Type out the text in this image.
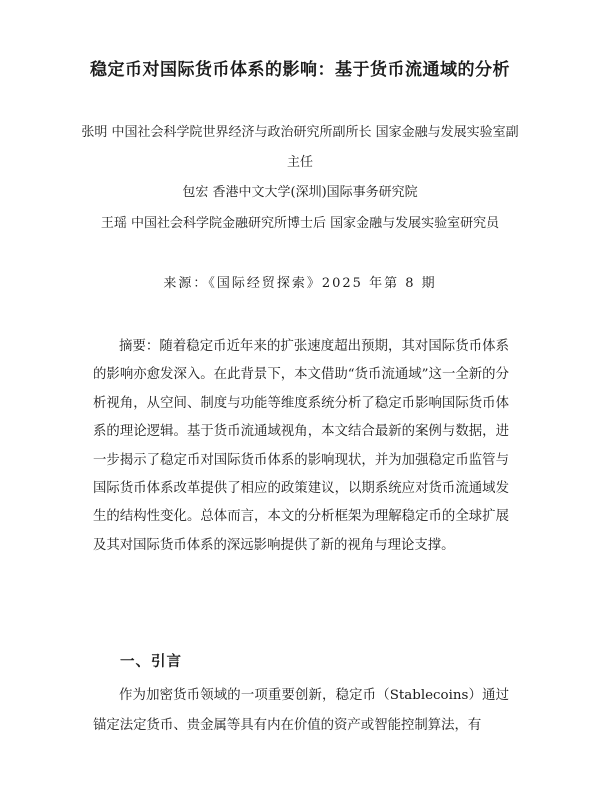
稳定币对国际货币体系的影响：基于货币流通域的分析
张明 中国社会科学院世界经济与政治研究所副所长 国家金融与发展实验室副主任
包宏 香港中文大学(深圳)国际事务研究院
王瑶 中国社会科学院金融研究所博士后 国家金融与发展实验室研究员
来源：《国际经贸探索》2025 年第 8 期

摘要：随着稳定币近年来的扩张速度超出预期，其对国际货币体系的影响亦愈发深入。在此背景下，本文借助“货币流通域”这一全新的分析视角，从空间、制度与功能等维度系统分析了稳定币影响国际货币体系的理论逻辑。基于货币流通域视角，本文结合最新的案例与数据，进一步揭示了稳定币对国际货币体系的影响现状，并为加强稳定币监管与国际货币体系改革提供了相应的政策建议，以期系统应对货币流通域发生的结构性变化。总体而言，本文的分析框架为理解稳定币的全球扩展及其对国际货币体系的深远影响提供了新的视角与理论支撑。

一、引言

作为加密货币领域的一项重要创新，稳定币（Stablecoins）通过锚定法定货币、贵金属等具有内在价值的资产或智能控制算法，有
